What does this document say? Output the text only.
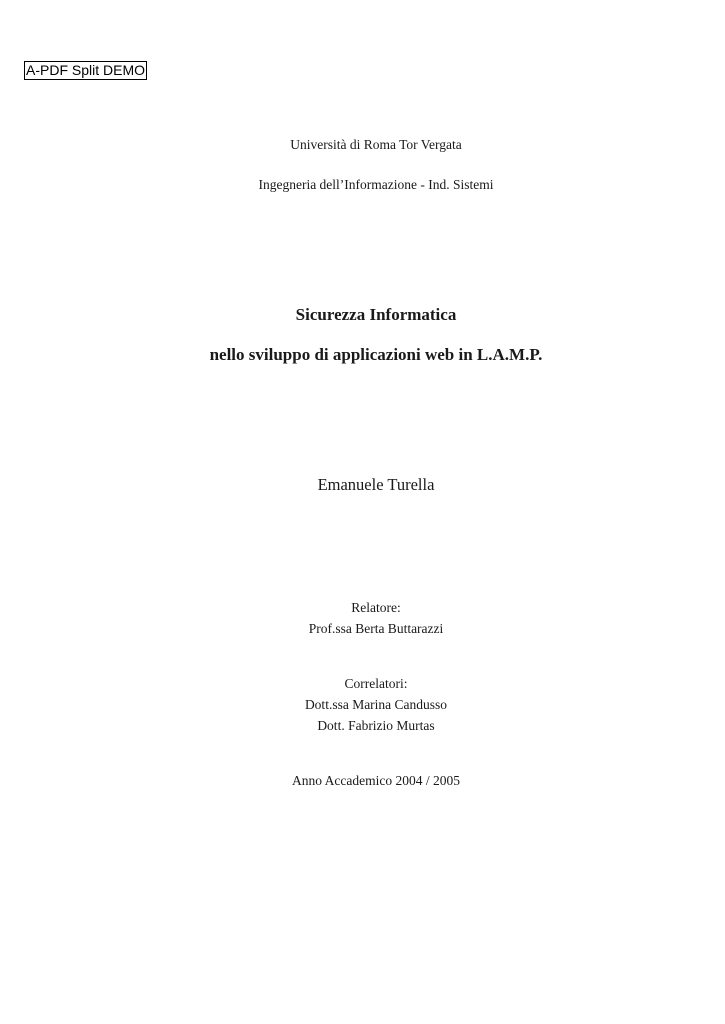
A-PDF Split DEMO
Università di Roma Tor Vergata
Ingegneria dell’Informazione - Ind. Sistemi
Sicurezza Informatica
nello sviluppo di applicazioni web in L.A.M.P.
Emanuele Turella
Relatore:
Prof.ssa Berta Buttarazzi
Correlatori:
Dott.ssa Marina Candusso
Dott. Fabrizio Murtas
Anno Accademico 2004 / 2005
